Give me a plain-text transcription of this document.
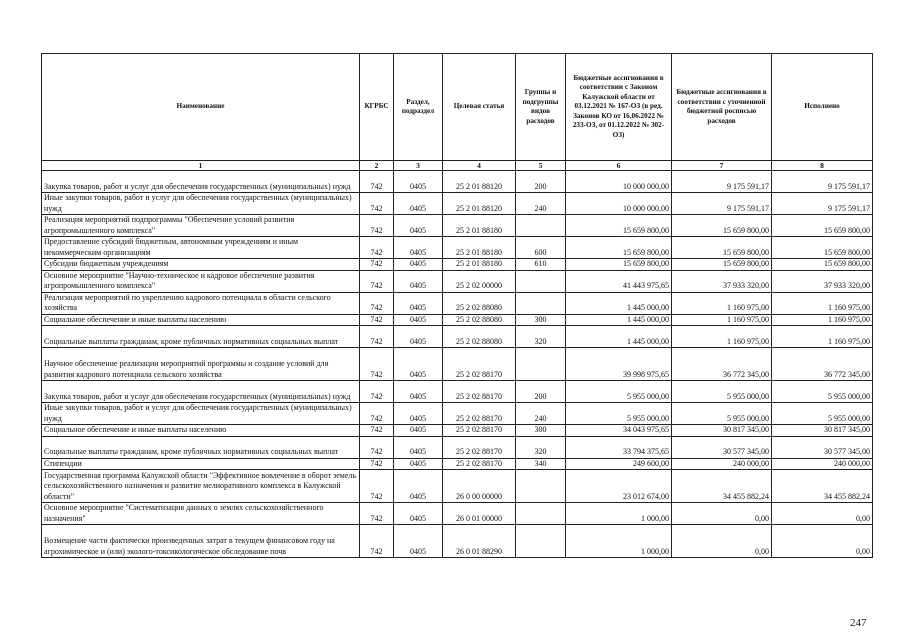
Наименование	КГРБС	Раздел, подраздел	Целевая статья	Группы и подгруппы видов расходов	Бюджетные ассигнования в соответствии с Законом Калужской области от 03.12.2021 № 167-ОЗ (в ред. Законов КО от 16.06.2022 № 233-ОЗ, от 01.12.2022 № 302-ОЗ)	Бюджетные ассигнования в соответствии с уточненной бюджетной росписью расходов	Исполнено
1	2	3	4	5	6	7	8
Закупка товаров, работ и услуг для обеспечения государственных (муниципальных) нужд	742	0405	25 2 01 88120	200	10 000 000,00	9 175 591,17	9 175 591,17
Иные закупки товаров, работ и услуг для обеспечения государственных (муниципальных) нужд	742	0405	25 2 01 88120	240	10 000 000,00	9 175 591,17	9 175 591,17
Реализация мероприятий подпрограммы "Обеспечение условий развития агропромышленного комплекса"	742	0405	25 2 01 88180		15 659 800,00	15 659 800,00	15 659 800,00
Предоставление субсидий бюджетным, автономным учреждениям и иным некоммерческим организациям	742	0405	25 2 01 88180	600	15 659 800,00	15 659 800,00	15 659 800,00
Субсидии бюджетным учреждениям	742	0405	25 2 01 88180	610	15 659 800,00	15 659 800,00	15 659 800,00
Основное мероприятие "Научно-техническое и кадровое обеспечение развития агропромышленного комплекса"	742	0405	25 2 02 00000		41 443 975,65	37 933 320,00	37 933 320,00
Реализация мероприятий по укреплению кадрового потенциала в области сельского хозяйства	742	0405	25 2 02 88080		1 445 000,00	1 160 975,00	1 160 975,00
Социальное обеспечение и иные выплаты населению	742	0405	25 2 02 88080	300	1 445 000,00	1 160 975,00	1 160 975,00
Социальные выплаты гражданам, кроме публичных нормативных социальных выплат	742	0405	25 2 02 88080	320	1 445 000,00	1 160 975,00	1 160 975,00
Научное обеспечение реализации мероприятий программы и создание условий для развития кадрового потенциала сельского хозяйства	742	0405	25 2 02 88170		39 998 975,65	36 772 345,00	36 772 345,00
Закупка товаров, работ и услуг для обеспечения государственных (муниципальных) нужд	742	0405	25 2 02 88170	200	5 955 000,00	5 955 000,00	5 955 000,00
Иные закупки товаров, работ и услуг для обеспечения государственных (муниципальных) нужд	742	0405	25 2 02 88170	240	5 955 000,00	5 955 000,00	5 955 000,00
Социальное обеспечение и иные выплаты населению	742	0405	25 2 02 88170	300	34 043 975,65	30 817 345,00	30 817 345,00
Социальные выплаты гражданам, кроме публичных нормативных социальных выплат	742	0405	25 2 02 88170	320	33 794 375,65	30 577 345,00	30 577 345,00
Стипендии	742	0405	25 2 02 88170	340	249 600,00	240 000,00	240 000,00
Государственная программа Калужской области "Эффективное вовлечение в оборот земель сельскохозяйственного назначения и развитие мелиоративного комплекса в Калужской области"	742	0405	26 0 00 00000		23 012 674,00	34 455 882,24	34 455 882,24
Основное мероприятие "Систематизация данных о землях сельскохозяйственного назначения"	742	0405	26 0 01 00000		1 000,00	0,00	0,00
Возмещение части фактически произведенных затрат в текущем финансовом году на агрохимическое и (или) эколого-токсикологическое обследование почв	742	0405	26 0 01 88290		1 000,00	0,00	0,00
247
